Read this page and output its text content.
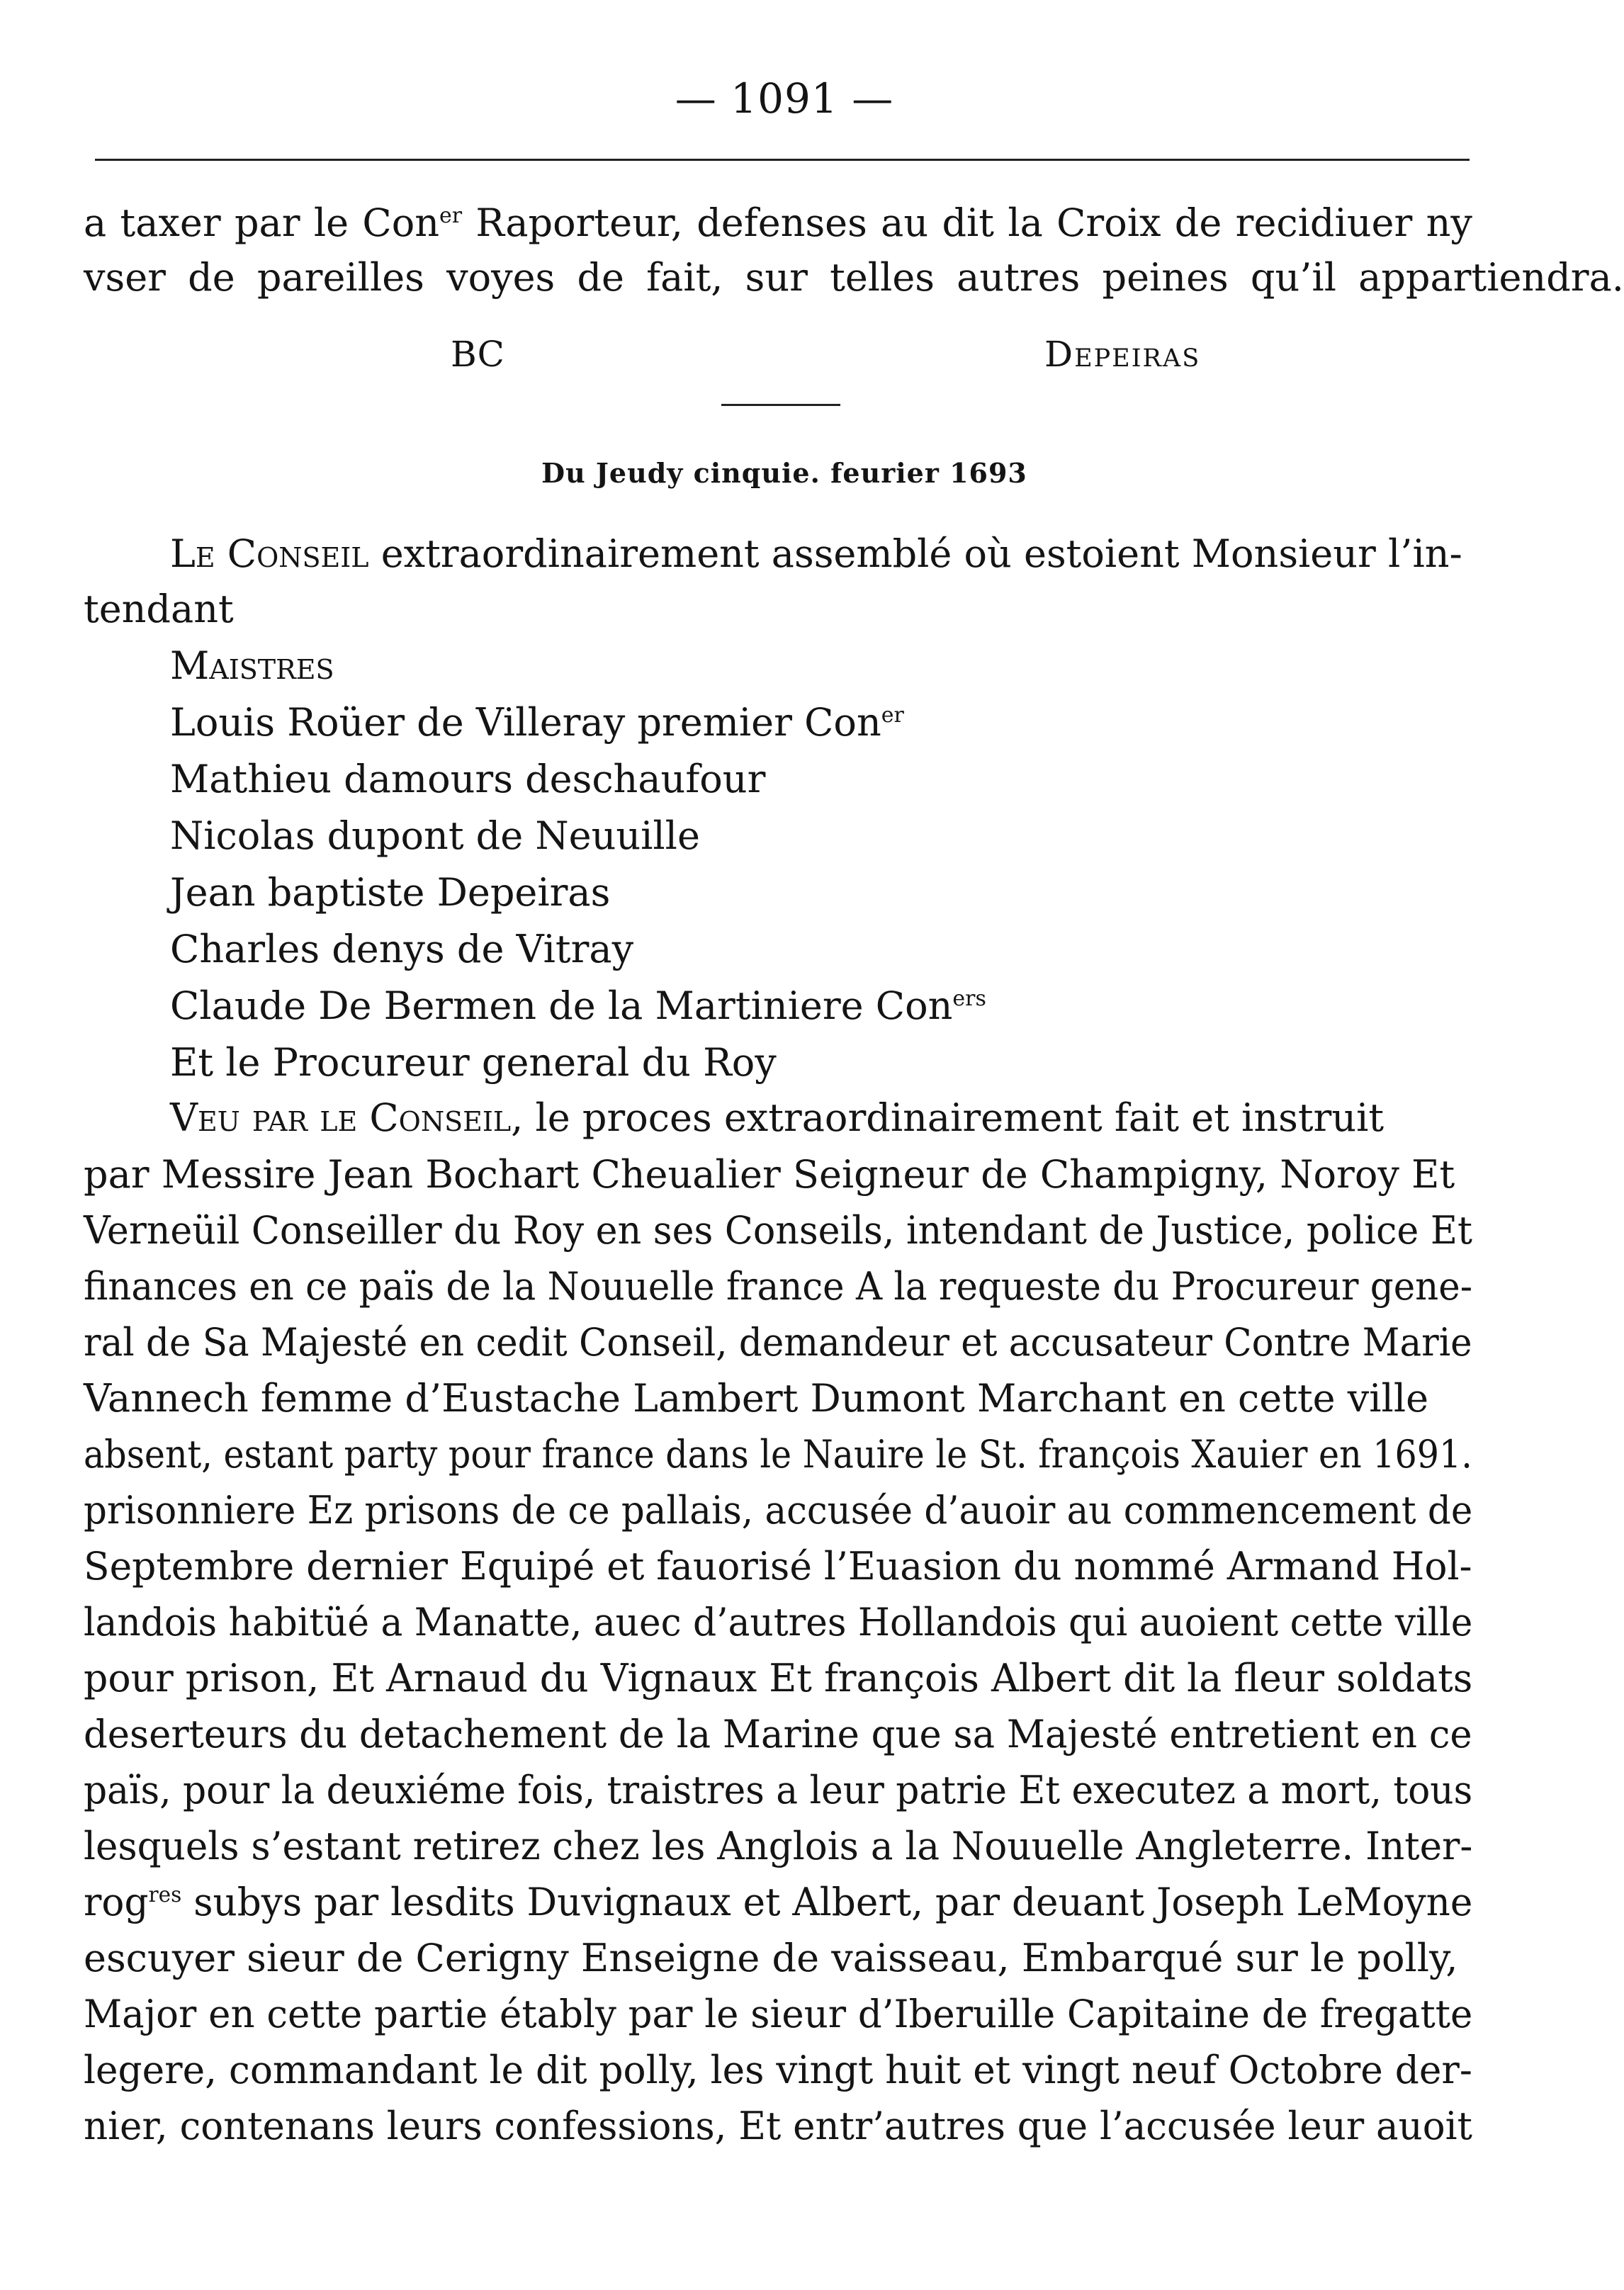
— 1091 —
a taxer par le Con$^{er}$ Raporteur, defenses au dit la Croix de recidiuer ny
vser de pareilles voyes de fait, sur telles autres peines qu’il appartiendra.
BC	Depeiras
Du Jeudy cinquie. feurier 1693
Le Conseil extraordinairement assemblé où estoient Monsieur l’in-
tendant
Maistres
Louis Roüer de Villeray premier Con$^{er}$
Mathieu damours deschaufour
Nicolas dupont de Neuuille
Jean baptiste Depeiras
Charles denys de Vitray
Claude De Bermen de la Martiniere Con$^{ers}$
Et le Procureur general du Roy
Veu par le Conseil, le proces extraordinairement fait et instruit
par Messire Jean Bochart Cheualier Seigneur de Champigny, Noroy Et
Verneüil Conseiller du Roy en ses Conseils, intendant de Justice, police Et
finances en ce païs de la Nouuelle france A la requeste du Procureur gene-
ral de Sa Majesté en cedit Conseil, demandeur et accusateur Contre Marie
Vannech femme d’Eustache Lambert Dumont Marchant en cette ville
absent, estant party pour france dans le Nauire le St. françois Xauier en 1691.
prisonniere Ez prisons de ce pallais, accusée d’auoir au commencement de
Septembre dernier Equipé et fauorisé l’Euasion du nommé Armand Hol-
landois habitüé a Manatte, auec d’autres Hollandois qui auoient cette ville
pour prison, Et Arnaud du Vignaux Et françois Albert dit la fleur soldats
deserteurs du detachement de la Marine que sa Majesté entretient en ce
païs, pour la deuxiéme fois, traistres a leur patrie Et executez a mort, tous
lesquels s’estant retirez chez les Anglois a la Nouuelle Angleterre. Inter-
rog$^{res}$ subys par lesdits Duvignaux et Albert, par deuant Joseph LeMoyne
escuyer sieur de Cerigny Enseigne de vaisseau, Embarqué sur le polly,
Major en cette partie étably par le sieur d’Iberuille Capitaine de fregatte
legere, commandant le dit polly, les vingt huit et vingt neuf Octobre der-
nier, contenans leurs confessions, Et entr’autres que l’accusée leur auoit
